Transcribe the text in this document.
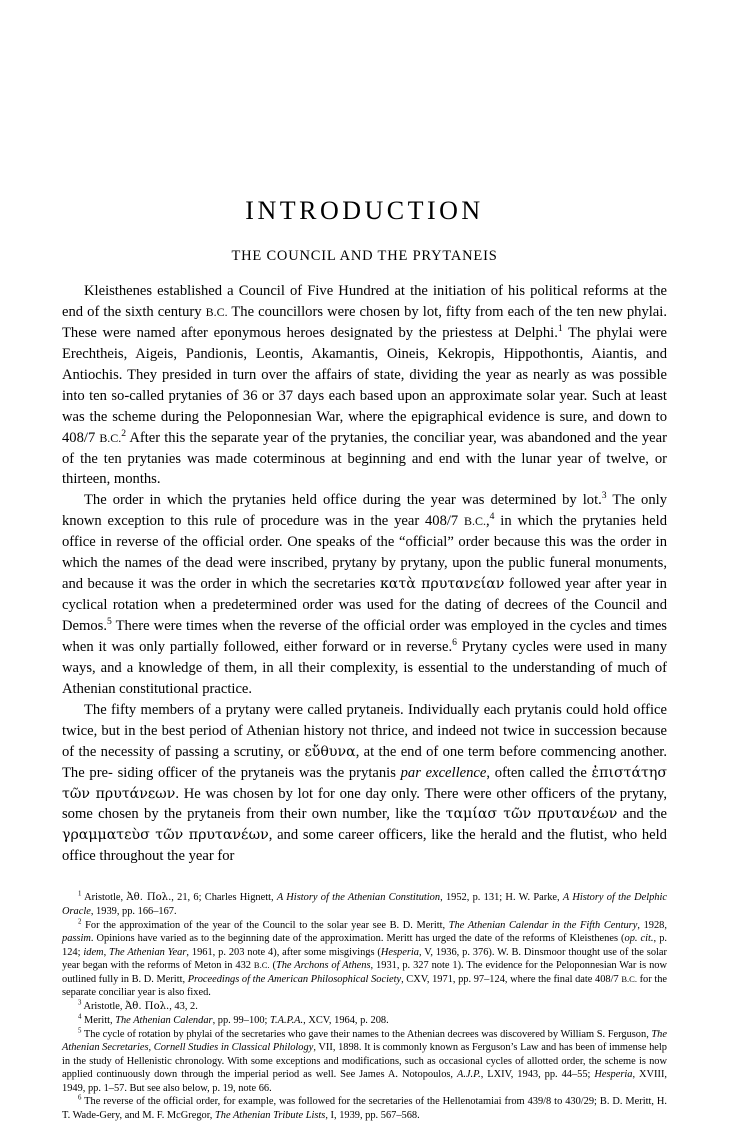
INTRODUCTION
THE COUNCIL AND THE PRYTANEIS

Kleisthenes established a Council of Five Hundred at the initiation of his political reforms at the end of the sixth century B.C. The councillors were chosen by lot, fifty from each of the ten new phylai. These were named after eponymous heroes designated by the priestess at Delphi.$^1$ The phylai were Erechtheis, Aigeis, Pandionis, Leontis, Akamantis, Oineis, Kekropis, Hippothontis, Aiantis, and Antiochis. They presided in turn over the affairs of state, dividing the year as nearly as was possible into ten so-called prytanies of 36 or 37 days each based upon an approximate solar year. Such at least was the scheme during the Peloponnesian War, where the epigraphical evidence is sure, and down to 408/7 B.C.$^2$ After this the separate year of the prytanies, the conciliar year, was abandoned and the year of the ten prytanies was made coterminous at beginning and end with the lunar year of twelve, or thirteen, months.

The order in which the prytanies held office during the year was determined by lot.$^3$ The only known exception to this rule of procedure was in the year 408/7 B.C.,$^4$ in which the prytanies held office in reverse of the official order. One speaks of the “official” order because this was the order in which the names of the dead were inscribed, prytany by prytany, upon the public funeral monuments, and because it was the order in which the secretaries κατὰ πρυτανείαν followed year after year in cyclical rotation when a predetermined order was used for the dating of decrees of the Council and Demos.$^5$ There were times when the reverse of the official order was employed in the cycles and times when it was only partially followed, either forward or in reverse.$^6$ Prytany cycles were used in many ways, and a knowledge of them, in all their complexity, is essential to the understanding of much of Athenian constitutional practice.

The fifty members of a prytany were called prytaneis. Individually each prytanis could hold office twice, but in the best period of Athenian history not thrice, and indeed not twice in succession because of the necessity of passing a scrutiny, or εὔθυνα, at the end of one term before commencing another. The pre- siding officer of the prytaneis was the prytanis par excellence, often called the ἐπιστάτησ τῶν πρυτάνεων. He was chosen by lot for one day only. There were other officers of the prytany, some chosen by the prytaneis from their own number, like the ταμίασ τῶν πρυτανέων and the γραμματεὺσ τῶν πρυτανέων, and some career officers, like the herald and the flutist, who held office throughout the year for

$^1$ Aristotle, Ἀθ. Πολ., 21, 6; Charles Hignett, A History of the Athenian Constitution, 1952, p. 131; H. W. Parke, A History of the Delphic Oracle, 1939, pp. 166–167.

$^2$ For the approximation of the year of the Council to the solar year see B. D. Meritt, The Athenian Calendar in the Fifth Century, 1928, passim. Opinions have varied as to the beginning date of the approximation. Meritt has urged the date of the reforms of Kleisthenes (op. cit., p. 124; idem, The Athenian Year, 1961, p. 203 note 4), after some misgivings (Hesperia, V, 1936, p. 376). W. B. Dinsmoor thought use of the solar year began with the reforms of Meton in 432 B.C. (The Archons of Athens, 1931, p. 327 note 1). The evidence for the Peloponnesian War is now outlined fully in B. D. Meritt, Proceedings of the American Philosophical Society, CXV, 1971, pp. 97–124, where the final date 408/7 B.C. for the separate conciliar year is also fixed.

$^3$ Aristotle, Ἀθ. Πολ., 43, 2.

$^4$ Meritt, The Athenian Calendar, pp. 99–100; T.A.P.A., XCV, 1964, p. 208.

$^5$ The cycle of rotation by phylai of the secretaries who gave their names to the Athenian decrees was discovered by William S. Ferguson, The Athenian Secretaries, Cornell Studies in Classical Philology, VII, 1898. It is commonly known as Ferguson’s Law and has been of immense help in the study of Hellenistic chronology. With some exceptions and modifications, such as occasional cycles of allotted order, the scheme is now applied continuously down through the imperial period as well. See James A. Notopoulos, A.J.P., LXIV, 1943, pp. 44–55; Hesperia, XVIII, 1949, pp. 1–57. But see also below, p. 19, note 66.

$^6$ The reverse of the official order, for example, was followed for the secretaries of the Hellenotamiai from 439/8 to 430/29; B. D. Meritt, H. T. Wade-Gery, and M. F. McGregor, The Athenian Tribute Lists, I, 1939, pp. 567–568.
